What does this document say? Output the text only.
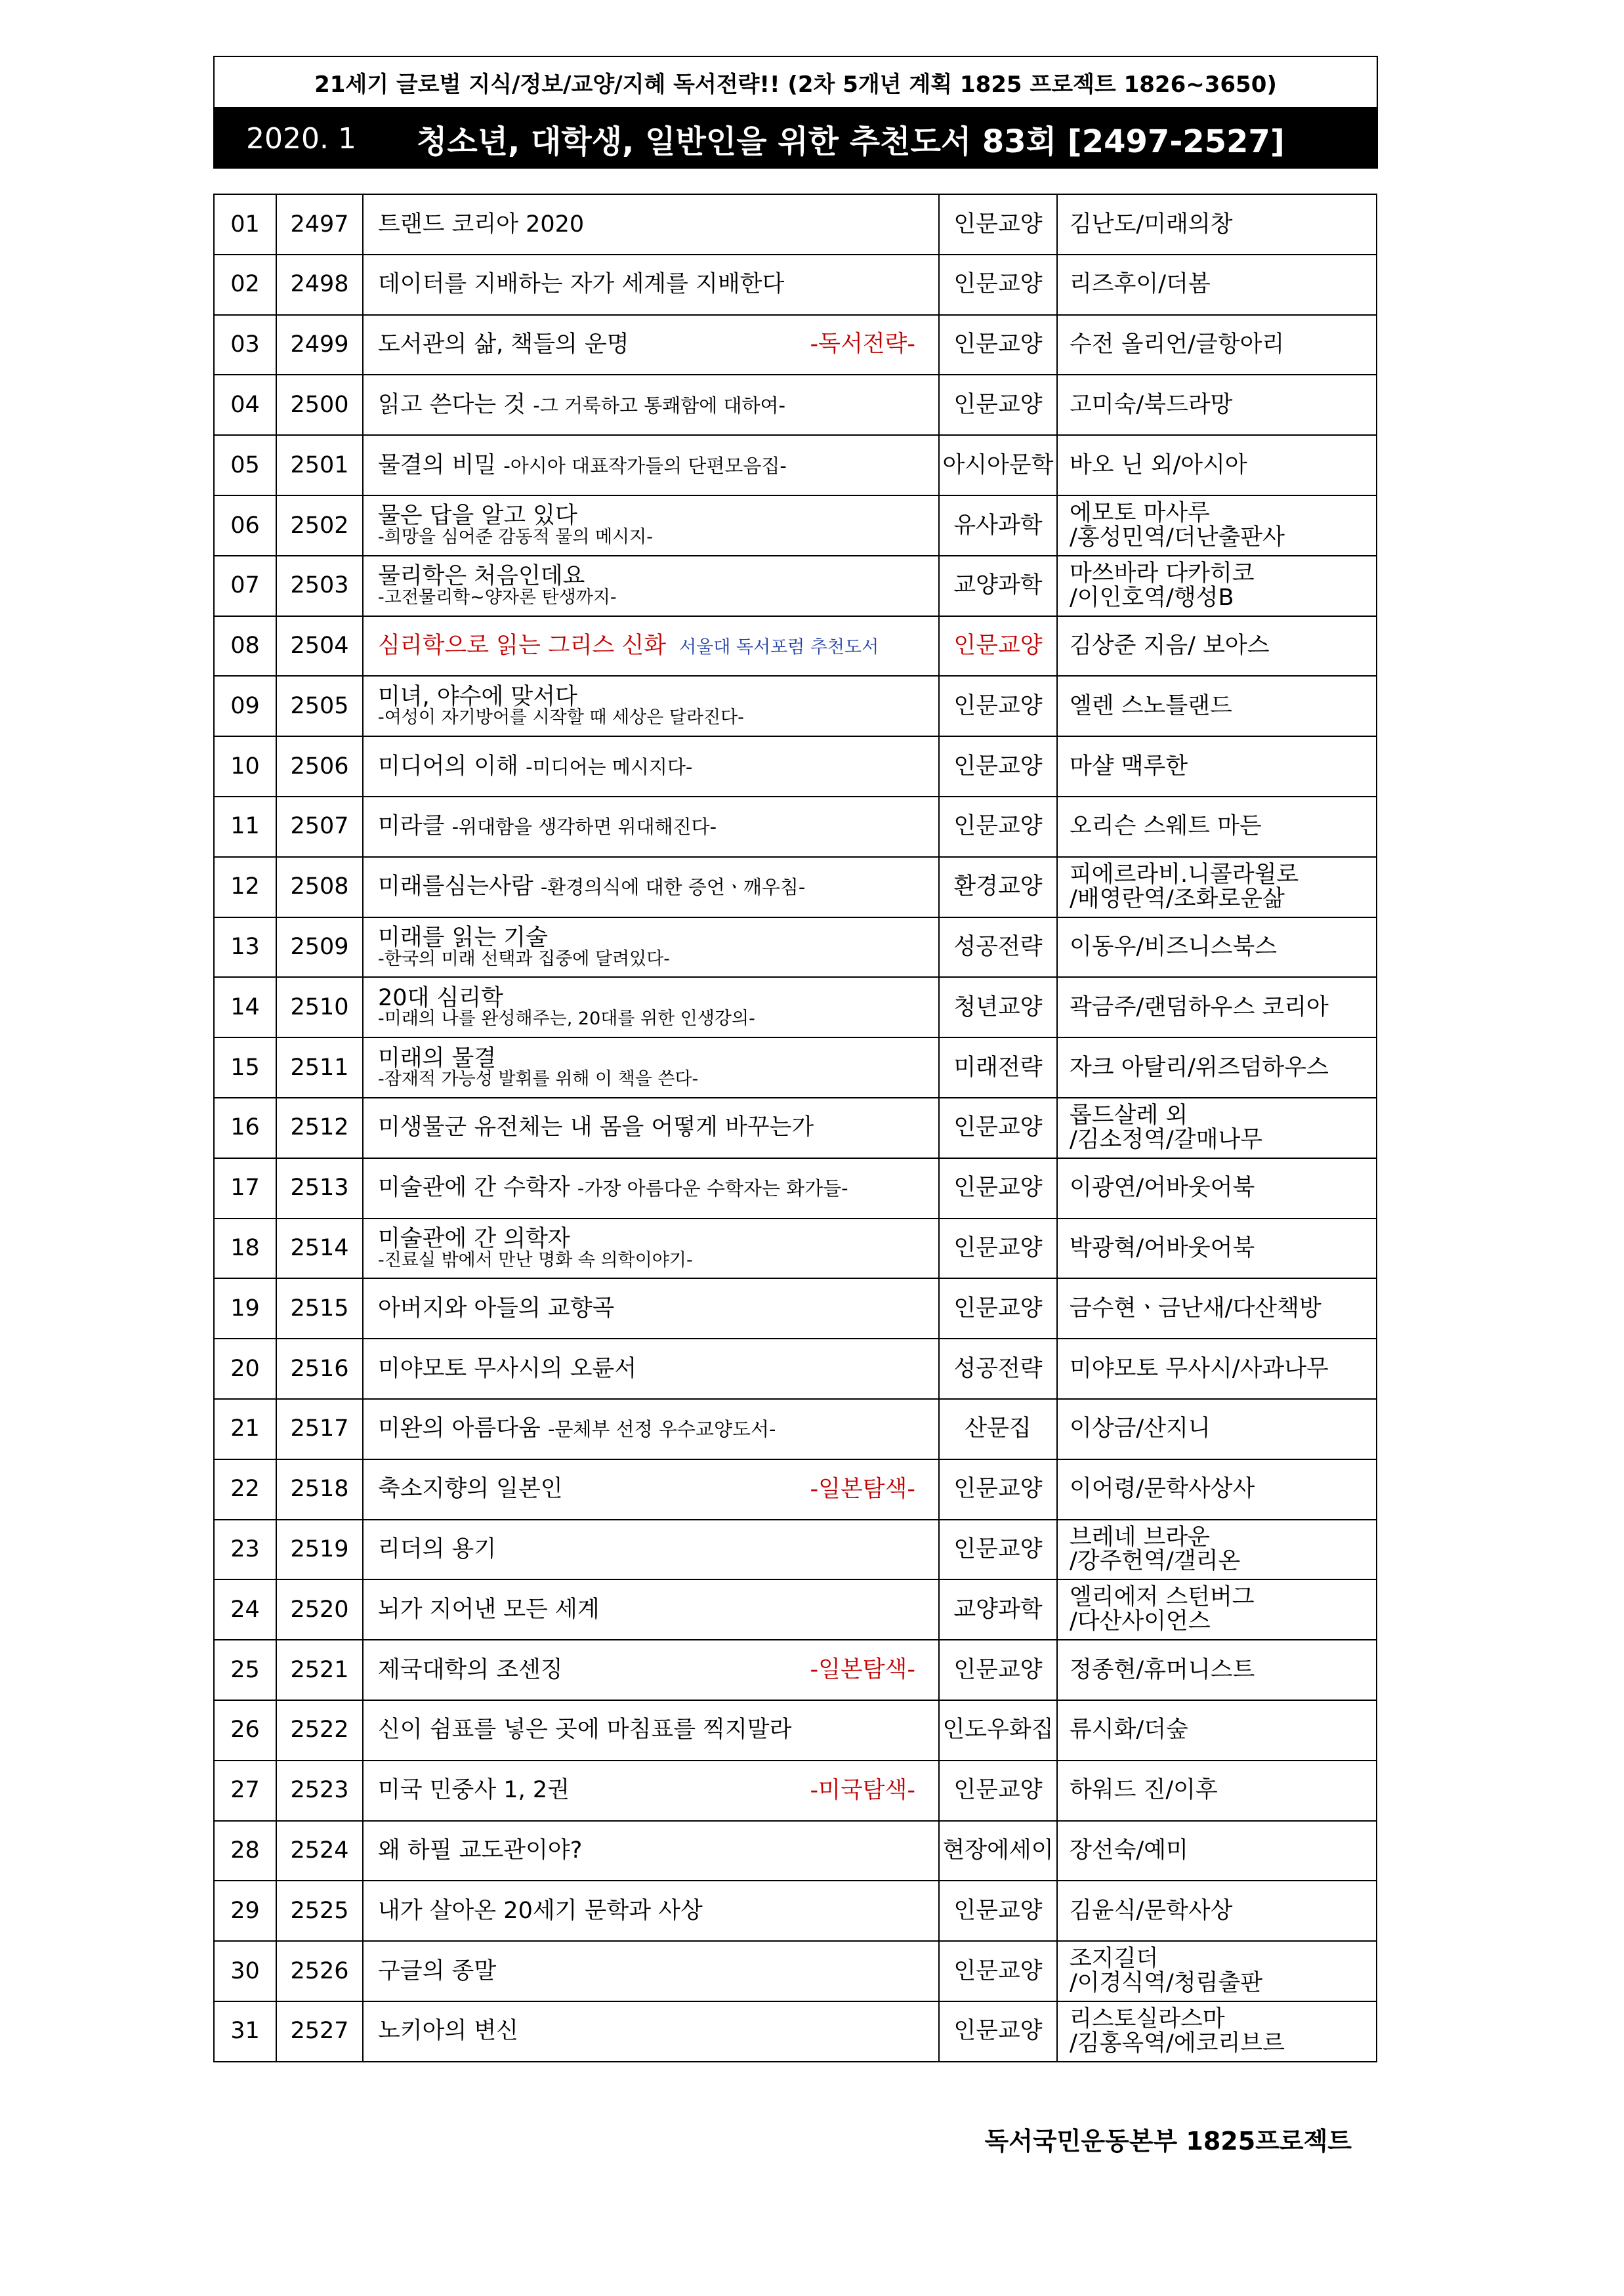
21세기 글로벌 지식/정보/교양/지혜 독서전략!! (2차 5개년 계획 1825 프로젝트 1826~3650)
2020. 1	청소년, 대학생, 일반인을 위한 추천도서 83회 [2497-2527]
01	2497	트랜드 코리아 2020	인문교양	김난도/미래의창
02	2498	데이터를 지배하는 자가 세계를 지배한다	인문교양	리즈후이/더봄
03	2499	도서관의 삶, 책들의 운명 -독서전략-	인문교양	수전 올리언/글항아리
04	2500	읽고 쓴다는 것 -그 거룩하고 통쾌함에 대하여-	인문교양	고미숙/북드라망
05	2501	물결의 비밀 -아시아 대표작가들의 단편모음집-	아시아문학	바오 닌 외/아시아
06	2502	물은 답을 알고 있다
-희망을 심어준 감동적 물의 메시지-	유사과학	에모토 마사루
/홍성민역/더난출판사

07	2503	물리학은 처음인데요
-고전물리학~양자론 탄생까지-	교양과학	마쓰바라 다카히코
/이인호역/행성B

08	2504	심리학으로 읽는 그리스 신화 서울대 독서포럼 추천도서	인문교양	김상준 지음/ 보아스
09	2505	미녀, 야수에 맞서다
-여성이 자기방어를 시작할 때 세상은 달라진다-	인문교양	엘렌 스노틀랜드
10	2506	미디어의 이해 -미디어는 메시지다-	인문교양	마샬 맥루한
11	2507	미라클 -위대함을 생각하면 위대해진다-	인문교양	오리슨 스웨트 마든
12	2508	미래를심는사람 -환경의식에 대한 증언ㆍ깨우침-	환경교양	피에르라비.니콜라윌로
/배영란역/조화로운삶

13	2509	미래를 읽는 기술
-한국의 미래 선택과 집중에 달려있다-	성공전략	이동우/비즈니스북스
14	2510	20대 심리학
-미래의 나를 완성해주는, 20대를 위한 인생강의-	청년교양	곽금주/랜덤하우스 코리아
15	2511	미래의 물결
-잠재적 가능성 발휘를 위해 이 책을 쓴다-	미래전략	자크 아탈리/위즈덤하우스
16	2512	미생물군 유전체는 내 몸을 어떻게 바꾸는가	인문교양	롭드살레 외
/김소정역/갈매나무

17	2513	미술관에 간 수학자 -가장 아름다운 수학자는 화가들-	인문교양	이광연/어바웃어북
18	2514	미술관에 간 의학자
-진료실 밖에서 만난 명화 속 의학이야기-	인문교양	박광혁/어바웃어북
19	2515	아버지와 아들의 교향곡	인문교양	금수현ㆍ금난새/다산책방
20	2516	미야모토 무사시의 오륜서	성공전략	미야모토 무사시/사과나무
21	2517	미완의 아름다움 -문체부 선정 우수교양도서-	산문집	이상금/산지니
22	2518	축소지향의 일본인 -일본탐색-	인문교양	이어령/문학사상사
23	2519	리더의 용기	인문교양	브레네 브라운
/강주헌역/갤리온

24	2520	뇌가 지어낸 모든 세계	교양과학	엘리에저 스턴버그
/다산사이언스

25	2521	제국대학의 조센징 -일본탐색-	인문교양	정종현/휴머니스트
26	2522	신이 쉼표를 넣은 곳에 마침표를 찍지말라	인도우화집	류시화/더숲
27	2523	미국 민중사 1, 2권 -미국탐색-	인문교양	하워드 진/이후
28	2524	왜 하필 교도관이야?	현장에세이	장선숙/예미
29	2525	내가 살아온 20세기 문학과 사상	인문교양	김윤식/문학사상
30	2526	구글의 종말	인문교양	조지길더
/이경식역/청림출판

31	2527	노키아의 변신	인문교양	리스토실라스마
/김홍옥역/에코리브르
독서국민운동본부 1825프로젝트
